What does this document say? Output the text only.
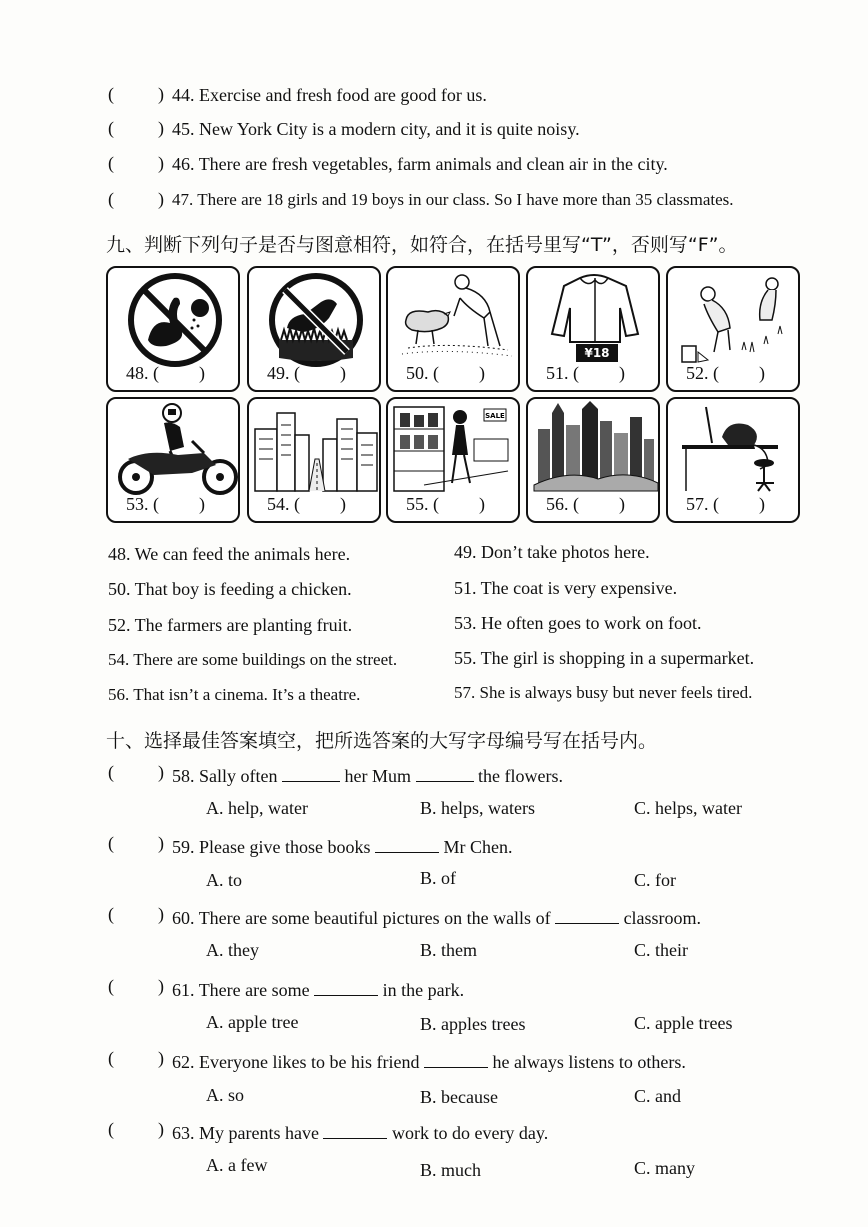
( ) 44. Exercise and fresh food are good for us.
( ) 45. New York City is a modern city, and it is quite noisy.
( ) 46. There are fresh vegetables, farm animals and clean air in the city.
( ) 47. There are 18 girls and 19 boys in our class. So I have more than 35 classmates.
九、判断下列句子是否与图意相符，如符合，在括号里写“T”，否则写“F”。
48. ( )	49. ( )	50. ( )
¥18
51. ( )	52. ( )
53. ( )	54. ( )
SALE
55. ( )	56. ( )	57. ( )
48. We can feed the animals here.	49. Don’t take photos here.
50. That boy is feeding a chicken.	51. The coat is very expensive.
52. The farmers are planting fruit.	53. He often goes to work on foot.
54. There are some buildings on the street.	55. The girl is shopping in a supermarket.
56. That isn’t a cinema. It’s a theatre.	57. She is always busy but never feels tired.
十、选择最佳答案填空，把所选答案的大写字母编号写在括号内。
( ) 58. Sally often	her Mum	the flowers.
A. help, water	B. helps, waters	C. helps, water
( ) 59. Please give those books	Mr Chen.
A. to	B. of	C. for
( ) 60. There are some beautiful pictures on the walls of	classroom.
A. they	B. them	C. their
( ) 61. There are some	in the park.
A. apple tree	B. apples trees	C. apple trees
( ) 62. Everyone likes to be his friend	he always listens to others.
A. so	B. because	C. and
( ) 63. My parents have	work to do every day.
A. a few	B. much	C. many
